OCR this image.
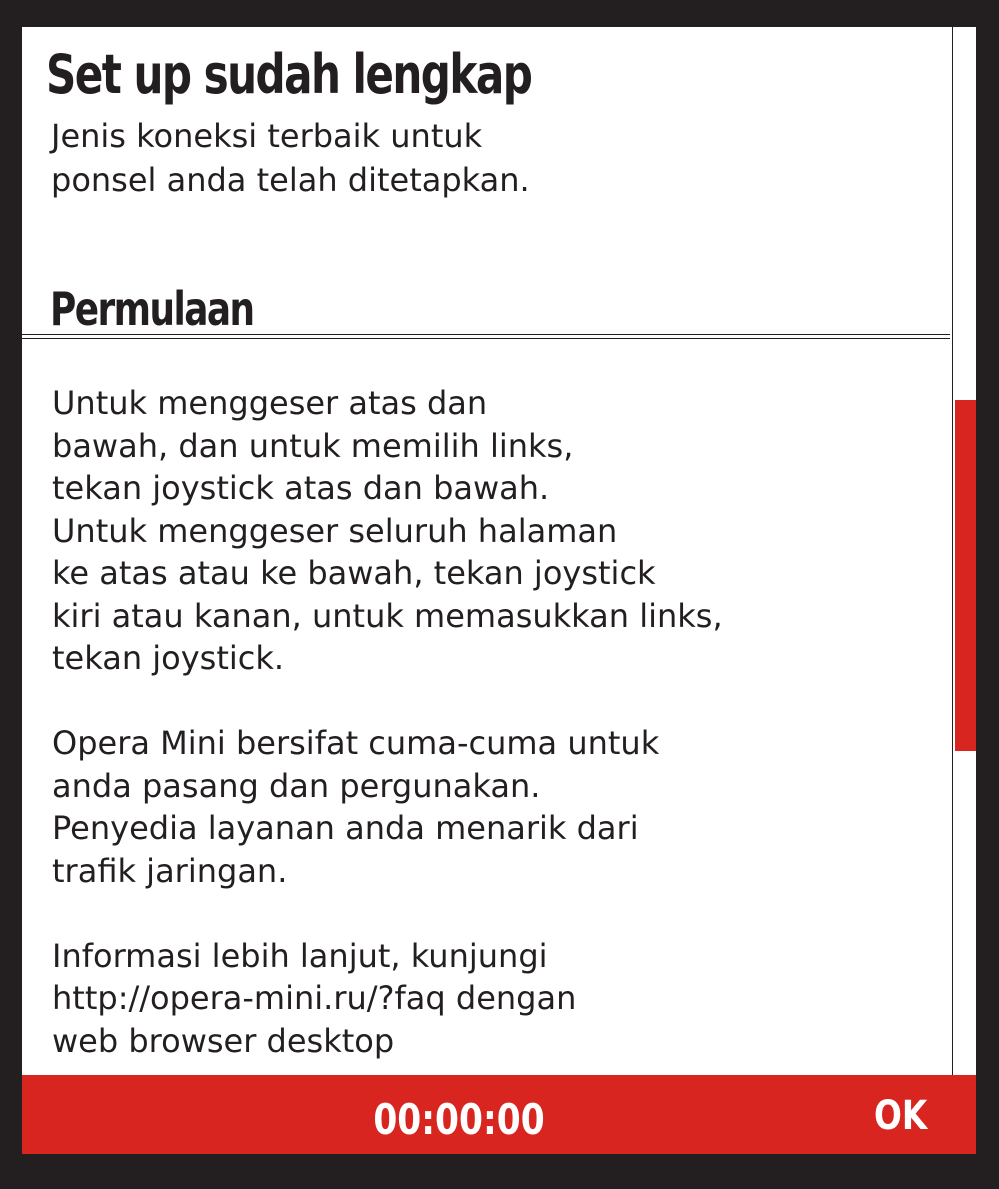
Set up sudah lengkap

Jenis koneksi terbaik untuk
ponsel anda telah ditetapkan.

Permulaan

Untuk menggeser atas dan
bawah, dan untuk memilih links,
tekan joystick atas dan bawah.
Untuk menggeser seluruh halaman
ke atas atau ke bawah, tekan joystick
kiri atau kanan, untuk memasukkan links,
tekan joystick.

Opera Mini bersifat cuma-cuma untuk
anda pasang dan pergunakan.
Penyedia layanan anda menarik dari
trafik jaringan.

Informasi lebih lanjut, kunjungi
http://opera-mini.ru/?faq dengan
web browser desktop

00:00:00	OK
